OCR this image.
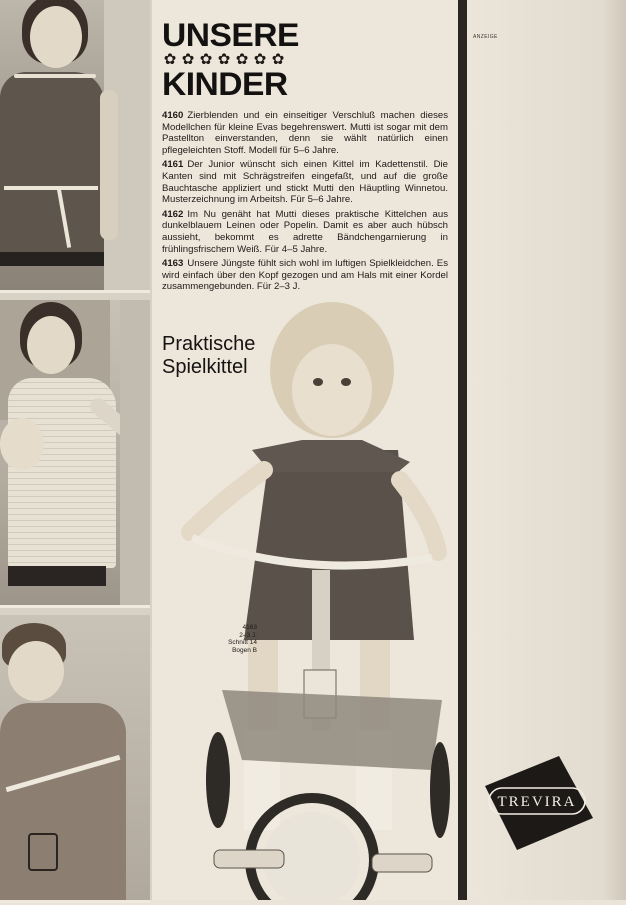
UNSERE
✿ ✿ ✿ ✿ ✿ ✿ ✿
KINDER

4160 Zierblenden und ein einseitiger Verschluß machen dieses Modellchen für kleine Evas begehrenswert. Mutti ist sogar mit dem Pastellton einverstanden, denn sie wählt natürlich einen pflegeleichten Stoff. Modell für 5–6 Jahre.

4161 Der Junior wünscht sich einen Kittel im Kadettenstil. Die Kanten sind mit Schrägstreifen eingefaßt, und auf die große Bauchtasche appliziert und stickt Mutti den Häuptling Winnetou. Musterzeichnung im Arbeitsh. Für 5–6 Jahre.

4162 Im Nu genäht hat Mutti dieses praktische Kittelchen aus dunkelblauem Leinen oder Popelin. Damit es aber auch hübsch aussieht, bekommt es adrette Bändchengarnierung in frühlingsfrischem Weiß. Für 4–5 Jahre.

4163 Unsere Jüngste fühlt sich wohl im luftigen Spielkleidchen. Es wird einfach über den Kopf gezogen und am Hals mit einer Kordel zusammengebunden. Für 2–3 J.

Praktische
Spielkittel
4163
2–3 J.
Schnitt 14
Bogen B
ANZEIGE
TREVIRA
